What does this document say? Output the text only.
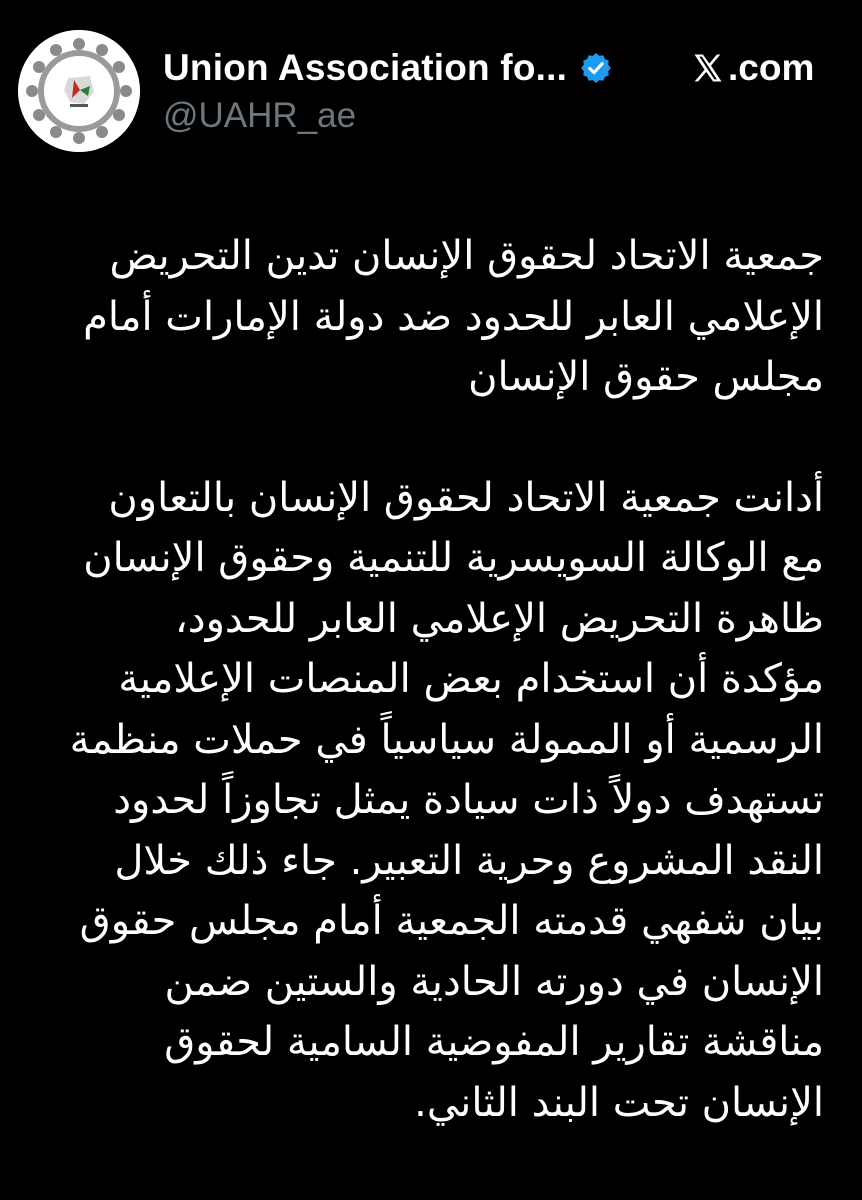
Union Association fo...
@UAHR_ae
.com

جمعية الاتحاد لحقوق الإنسان تدين التحريض
الإعلامي العابر للحدود ضد دولة الإمارات أمام
مجلس حقوق الإنسان

أدانت جمعية الاتحاد لحقوق الإنسان بالتعاون
مع الوكالة السويسرية للتنمية وحقوق الإنسان
ظاهرة التحريض الإعلامي العابر للحدود،
مؤكدة أن استخدام بعض المنصات الإعلامية
الرسمية أو الممولة سياسياً في حملات منظمة
تستهدف دولاً ذات سيادة يمثل تجاوزاً لحدود
النقد المشروع وحرية التعبير. جاء ذلك خلال
بيان شفهي قدمته الجمعية أمام مجلس حقوق
الإنسان في دورته الحادية والستين ضمن
مناقشة تقارير المفوضية السامية لحقوق
الإنسان تحت البند الثاني.
